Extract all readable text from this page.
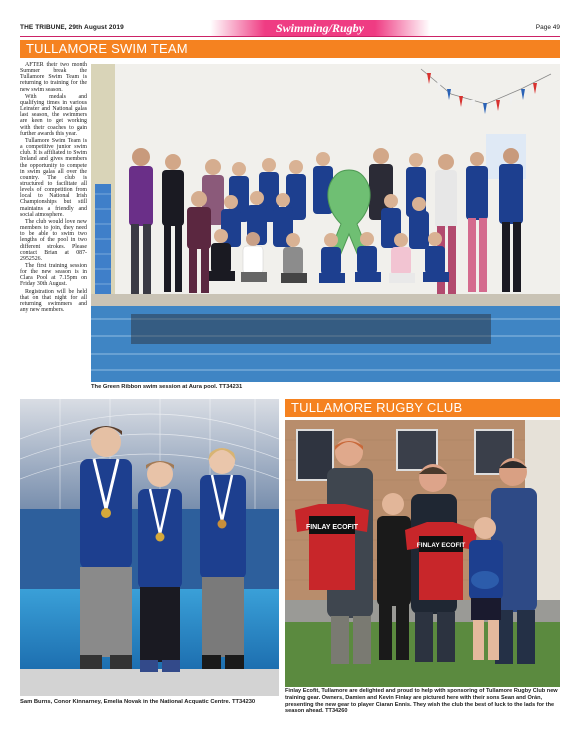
THE TRIBUNE, 29th August 2019	Swimming/Rugby	Page 49
TULLAMORE SWIM TEAM

AFTER their two month Summer break the Tullamore Swim Team is returning to training for the new swim season.

With medals and qualifying times in various Leinster and National galas last season, the swimmers are keen to get working with their coaches to gain further awards this year.

Tullamore Swim Team is a competitive junior swim club. It is affiliated to Swim Ireland and gives members the opportunity to compete in swim galas all over the country. The club is structured to facilitate all levels of competition from local to National Irish Championships but still maintains a friendly and social atmosphere.

The club would love new members to join, they need to be able to swim two lengths of the pool in two different strokes. Please contact Brian at 087-2952526.

The first training session for the new season is in Clara Pool at 7.15pm on Friday 30th August.

Registration will be held that on that night for all returning swimmers and any new members.

The Green Ribbon swim session at Aura pool. TT34231
Sam Burns, Conor Kinnarney, Emelia Novak in the National Acquatic Centre. TT34230
TULLAMORE RUGBY CLUB
FINLAY ECOFIT
FINLAY ECOFIT
Finlay Ecofit, Tullamore are delighted and proud to help with sponsoring of Tullamore Rugby Club new training gear. Owners, Damien and Kevin Finlay are pictured here with their sons Sean and Orán, presenting the new gear to player Ciaran Ennis. They wish the club the best of luck to the lads for the season ahead. TT34260
